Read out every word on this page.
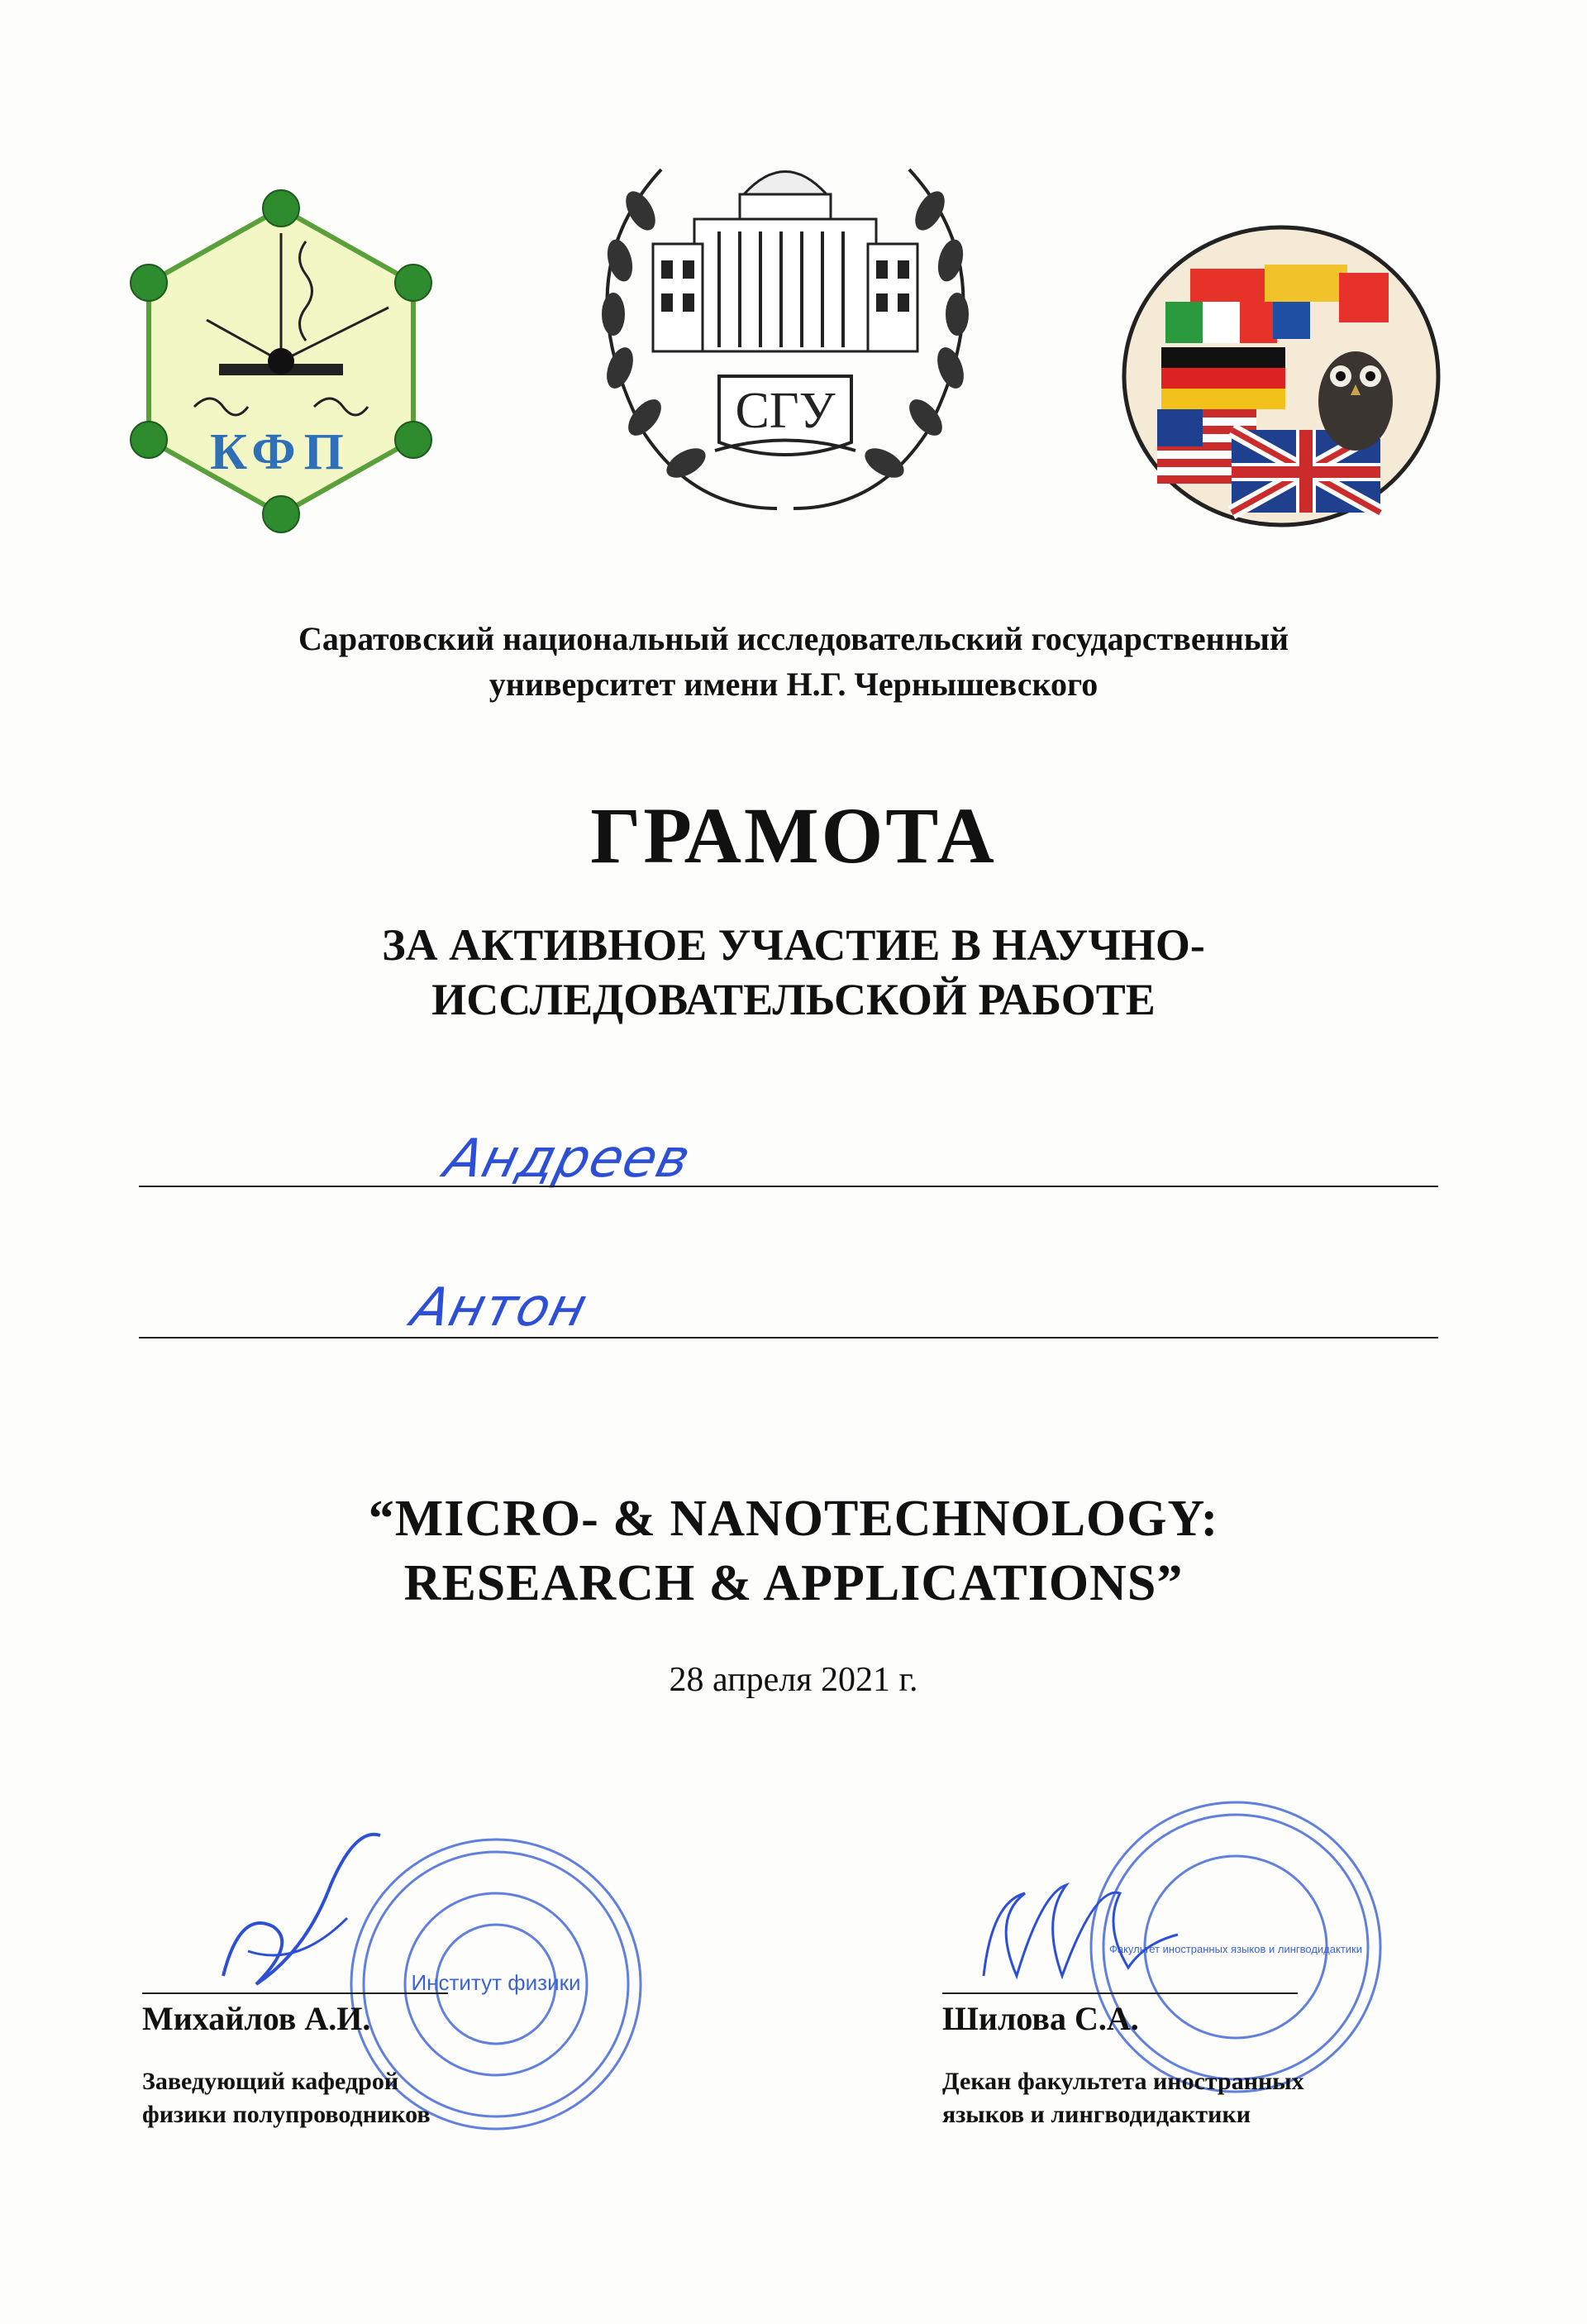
КФП
СГУ
Саратовский национальный исследовательский государственный
университет имени Н.Г. Чернышевского
ГРАМОТА
ЗА АКТИВНОЕ УЧАСТИЕ В НАУЧНО-
ИССЛЕДОВАТЕЛЬСКОЙ РАБОТЕ
Андреев
Антон
“MICRO- & NANOTECHNOLOGY:
RESEARCH & APPLICATIONS”
28 апреля 2021 г.
Институт физики
Михайлов А.И.
Заведующий кафедрой
физики полупроводников
Факультет иностранных языков и лингводидактики
Шилова С.А.
Декан факультета иностранных
языков и лингводидактики
